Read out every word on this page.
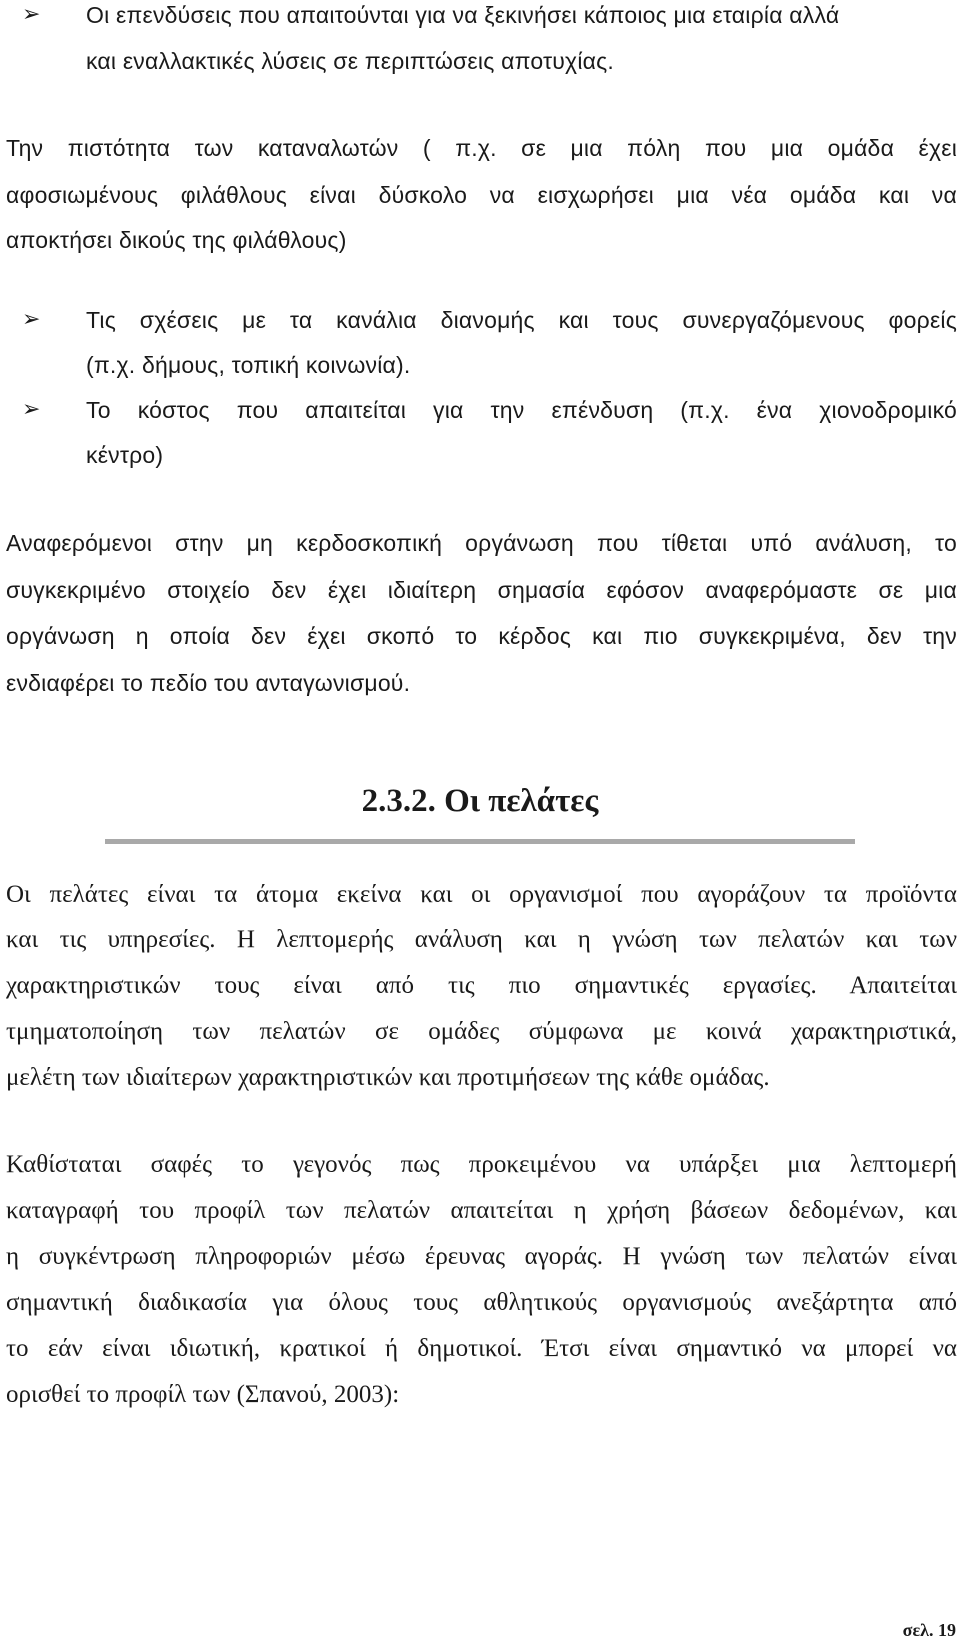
➢	Οι επενδύσεις που απαιτούνται για να ξεκινήσει κάποιος μια εταιρία αλλά
και εναλλακτικές λύσεις σε περιπτώσεις αποτυχίας.
Την πιστότητα των καταναλωτών ( π.χ. σε μια πόλη που μια ομάδα έχει
αφοσιωμένους φιλάθλους είναι δύσκολο να εισχωρήσει μια νέα ομάδα και να
αποκτήσει δικούς της φιλάθλους)
➢	Τις σχέσεις με τα κανάλια διανομής και τους συνεργαζόμενους φορείς
(π.χ. δήμους, τοπική κοινωνία).
➢	Το κόστος που απαιτείται για την επένδυση (π.χ. ένα χιονοδρομικό
κέντρο)
Αναφερόμενοι στην μη κερδοσκοπική οργάνωση που τίθεται υπό ανάλυση, το
συγκεκριμένο στοιχείο δεν έχει ιδιαίτερη σημασία εφόσον αναφερόμαστε σε μια
οργάνωση η οποία δεν έχει σκοπό το κέρδος και πιο συγκεκριμένα, δεν την
ενδιαφέρει το πεδίο του ανταγωνισμού.
2.3.2. Οι πελάτες
Οι πελάτες είναι τα άτομα εκείνα και οι οργανισμοί που αγοράζουν τα προϊόντα
και τις υπηρεσίες. Η λεπτομερής ανάλυση και η γνώση των πελατών και των
χαρακτηριστικών τους είναι από τις πιο σημαντικές εργασίες. Απαιτείται
τμηματοποίηση των πελατών σε ομάδες σύμφωνα με κοινά χαρακτηριστικά,
μελέτη των ιδιαίτερων χαρακτηριστικών και προτιμήσεων της κάθε ομάδας.
Καθίσταται σαφές το γεγονός πως προκειμένου να υπάρξει μια λεπτομερή
καταγραφή του προφίλ των πελατών απαιτείται η χρήση βάσεων δεδομένων, και
η συγκέντρωση πληροφοριών μέσω έρευνας αγοράς. Η γνώση των πελατών είναι
σημαντική διαδικασία για όλους τους αθλητικούς οργανισμούς ανεξάρτητα από
το εάν είναι ιδιωτική, κρατικοί ή δημοτικοί. Έτσι είναι σημαντικό να μπορεί να
ορισθεί το προφίλ των (Σπανού, 2003):
σελ. 19
